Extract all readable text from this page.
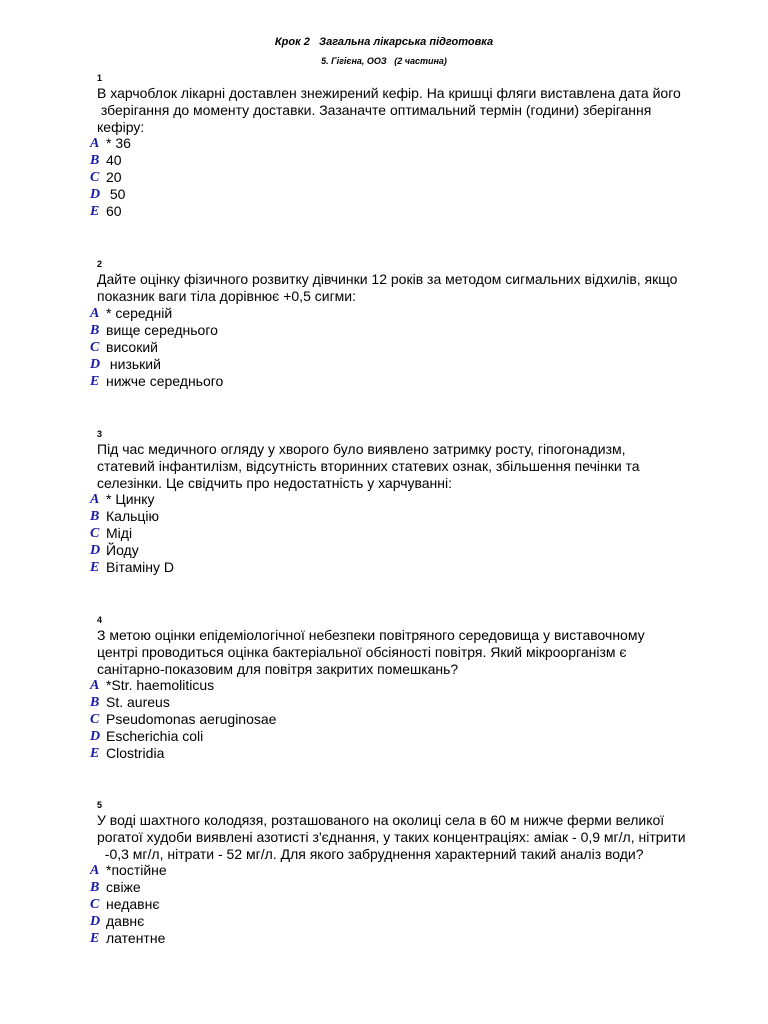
Крок 2   Загальна лікарська підготовка
5. Гігієна, ООЗ   (2 частина)
1
В харчоблок лікарні доставлен знежирений кефір. На кришці фляги виставлена дата його
зберігання до моменту доставки. Зазаначте оптимальний термін (години) зберігання
кефіру:
A * 36
B 40
C 20
D 50
E 60
2
Дайте оцінку фізичного розвитку дівчинки 12 років за методом сигмальних відхилів, якщо
показник ваги тіла дорівнює +0,5 сигми:
A * середній
B вище середнього
C високий
D низький
E нижче середнього
3
Під час медичного огляду у хворого було виявлено затримку росту, гіпогонадизм,
статевий інфантилізм, відсутність вторинних статевих ознак, збільшення печінки та
селезінки. Це свідчить про недостатність у харчуванні:
A * Цинку
B Кальцію
C Міді
D Йоду
E Вітаміну D
4
З метою оцінки епідеміологічної небезпеки повітряного середовища у виставочному
центрі проводиться оцінка бактеріальної обсіяності повітря. Який мікроорганізм є
санітарно-показовим для повітря закритих помешкань?
A *Str. haemoliticus
B St. aureus
C Pseudomonas aeruginosae
D Escherichia coli
E Clostridia
5
У воді шахтного колодязя, розташованого на околиці села в 60 м нижче ферми великої
рогатої худоби виявлені азотисті з'єднання, у таких концентраціях: аміак - 0,9 мг/л, нітрити
-0,3 мг/л, нітрати - 52 мг/л. Для якого забруднення характерний такий аналіз води?
A *постійне
B свіже
C недавнє
D давнє
E латентне
